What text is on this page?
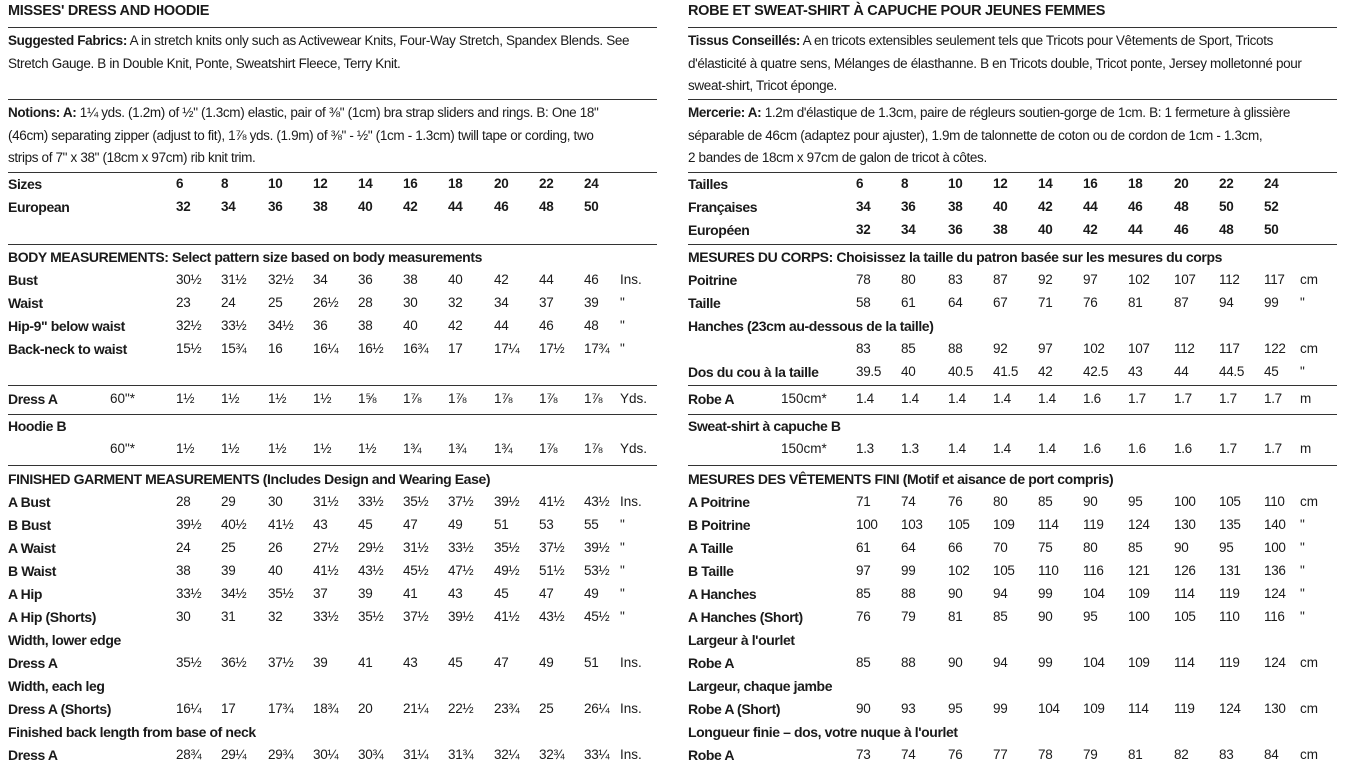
MISSES' DRESS AND HOODIE
Suggested Fabrics: A in stretch knits only such as Activewear Knits, Four-Way Stretch, Spandex Blends. See
Stretch Gauge. B in Double Knit, Ponte, Sweatshirt Fleece, Terry Knit.
Notions: A: 1¼ yds. (1.2m) of ½" (1.3cm) elastic, pair of ⅜" (1cm) bra strap sliders and rings. B: One 18"
(46cm) separating zipper (adjust to fit), 1⅞ yds. (1.9m) of ⅜" - ½" (1cm - 1.3cm) twill tape or cording, two
strips of 7" x 38" (18cm x 97cm) rib knit trim.
Sizes	6	8	10	12	14	16	18	20	22	24
European	32	34	36	38	40	42	44	46	48	50
BODY MEASUREMENTS: Select pattern size based on body measurements
Bust	30½	31½	32½	34	36	38	40	42	44	46	Ins.
Waist	23	24	25	26½	28	30	32	34	37	39	"
Hip-9" below waist	32½	33½	34½	36	38	40	42	44	46	48	"
Back-neck to waist	15½	15¾	16	16¼	16½	16¾	17	17¼	17½	17¾ "
Dress A	60"*	1½	1½	1½	1½	1⅝	1⅞	1⅞	1⅞	1⅞	1⅞	Yds.
Hoodie B
60"*	1½	1½	1½	1½	1½	1¾	1¾	1¾	1⅞	1⅞	Yds.
FINISHED GARMENT MEASUREMENTS (Includes Design and Wearing Ease)
A Bust	28	29	30	31½	33½	35½	37½	39½	41½	43½ Ins.
B Bust	39½	40½	41½	43	45	47	49	51	53	55	"
A Waist	24	25	26	27½	29½	31½	33½	35½	37½	39½ "
B Waist	38	39	40	41½	43½	45½	47½	49½	51½	53½ "
A Hip	33½	34½	35½	37	39	41	43	45	47	49	"
A Hip (Shorts)	30	31	32	33½	35½	37½	39½	41½	43½	45½ "
Width, lower edge
Dress A	35½	36½	37½	39	41	43	45	47	49	51	Ins.
Width, each leg
Dress A (Shorts)	16¼	17	17¾	18¾	20	21¼	22½	23¾	25	26¼ Ins.
Finished back length from base of neck
Dress A	28¾	29¼	29¾	30¼	30¾	31¼	31¾	32¼	32¾	33¼ Ins.
ROBE ET SWEAT-SHIRT À CAPUCHE POUR JEUNES FEMMES
Tissus Conseillés: A en tricots extensibles seulement tels que Tricots pour Vêtements de Sport, Tricots
d'élasticité à quatre sens, Mélanges de élasthanne. B en Tricots double, Tricot ponte, Jersey molletonné pour
sweat-shirt, Tricot éponge.
Mercerie: A: 1.2m d'élastique de 1.3cm, paire de régleurs soutien-gorge de 1cm. B: 1 fermeture à glissière
séparable de 46cm (adaptez pour ajuster), 1.9m de talonnette de coton ou de cordon de 1cm - 1.3cm,
2 bandes de 18cm x 97cm de galon de tricot à côtes.
Tailles	6	8	10	12	14	16	18	20	22	24
Françaises	34	36	38	40	42	44	46	48	50	52
Européen	32	34	36	38	40	42	44	46	48	50
MESURES DU CORPS: Choisissez la taille du patron basée sur les mesures du corps
Poitrine	78	80	83	87	92	97	102	107	112	117	cm
Taille	58	61	64	67	71	76	81	87	94	99	"
Hanches (23cm au-dessous de la taille)
83	85	88	92	97	102	107	112	117	122	cm
Dos du cou à la taille	39.5	40	40.5	41.5	42	42.5	43	44	44.5	45	"
Robe A	150cm* 1.4	1.4	1.4	1.4	1.4	1.6	1.7	1.7	1.7	1.7	m
Sweat-shirt à capuche B
150cm* 1.3	1.3	1.4	1.4	1.4	1.6	1.6	1.6	1.7	1.7	m
MESURES DES VÊTEMENTS FINI (Motif et aisance de port compris)
A Poitrine	71	74	76	80	85	90	95	100	105	110	cm
B Poitrine	100	103	105	109	114	119	124	130	135	140	"
A Taille	61	64	66	70	75	80	85	90	95	100	"
B Taille	97	99	102	105	110	116	121	126	131	136	"
A Hanches	85	88	90	94	99	104	109	114	119	124	"
A Hanches (Short)	76	79	81	85	90	95	100	105	110	116	"
Largeur à l'ourlet
Robe A	85	88	90	94	99	104	109	114	119	124	cm
Largeur, chaque jambe
Robe A (Short)	90	93	95	99	104	109	114	119	124	130	cm
Longueur finie – dos, votre nuque à l'ourlet
Robe A	73	74	76	77	78	79	81	82	83	84	cm
